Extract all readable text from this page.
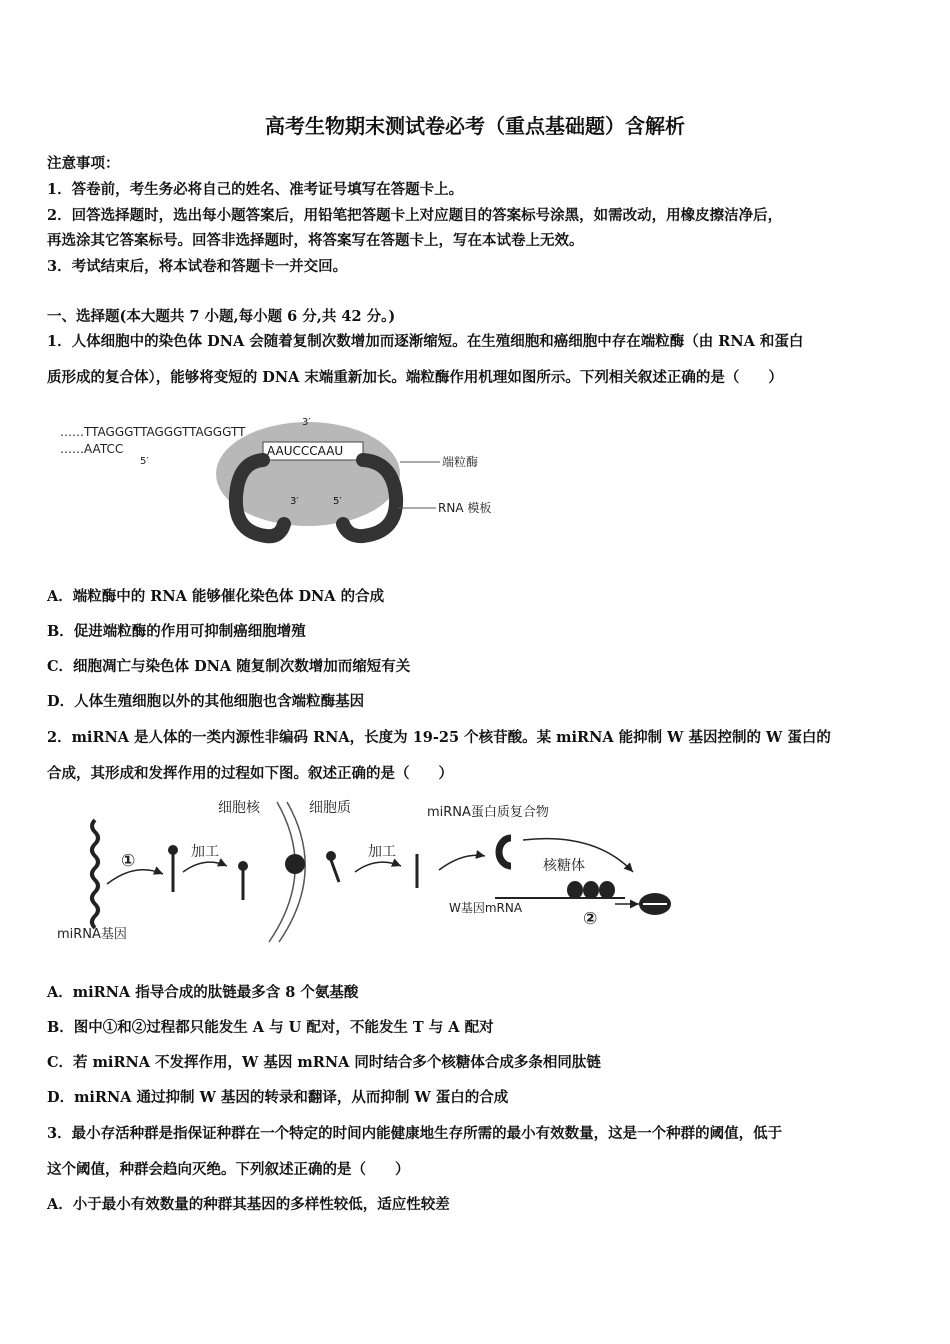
高考生物期末测试卷必考（重点基础题）含解析
注意事项：
1．答卷前，考生务必将自己的姓名、准考证号填写在答题卡上。
2．回答选择题时，选出每小题答案后，用铅笔把答题卡上对应题目的答案标号涂黑，如需改动，用橡皮擦洁净后，
再选涂其它答案标号。回答非选择题时，将答案写在答题卡上，写在本试卷上无效。
3．考试结束后，将本试卷和答题卡一并交回。
一、选择题(本大题共 7 小题,每小题 6 分,共 42 分。)
1．人体细胞中的染色体 DNA 会随着复制次数增加而逐渐缩短。在生殖细胞和癌细胞中存在端粒酶（由 RNA 和蛋白
质形成的复合体），能够将变短的 DNA 末端重新加长。端粒酶作用机理如图所示。下列相关叙述正确的是（　　）
……TTAGGGTTAGGGTTAGGGTT
……AATCC
3′
5′
AAUCCCAAU
3′	5′
端粒酶
RNA 模板
A．端粒酶中的 RNA 能够催化染色体 DNA 的合成
B．促进端粒酶的作用可抑制癌细胞增殖
C．细胞凋亡与染色体 DNA 随复制次数增加而缩短有关
D．人体生殖细胞以外的其他细胞也含端粒酶基因
2．miRNA 是人体的一类内源性非编码 RNA，长度为 19-25 个核苷酸。某 miRNA 能抑制 W 基因控制的 W 蛋白的
合成，其形成和发挥作用的过程如下图。叙述正确的是（　　）
miRNA基因
①	加工
细胞核	细胞质
加工
miRNA蛋白质复合物
核糖体
W基因mRNA
②
A．miRNA 指导合成的肽链最多含 8 个氨基酸
B．图中①和②过程都只能发生 A 与 U 配对，不能发生 T 与 A 配对
C．若 miRNA 不发挥作用，W 基因 mRNA 同时结合多个核糖体合成多条相同肽链
D．miRNA 通过抑制 W 基因的转录和翻译，从而抑制 W 蛋白的合成
3．最小存活种群是指保证种群在一个特定的时间内能健康地生存所需的最小有效数量，这是一个种群的阈值，低于
这个阈值，种群会趋向灭绝。下列叙述正确的是（　　）
A．小于最小有效数量的种群其基因的多样性较低，适应性较差
